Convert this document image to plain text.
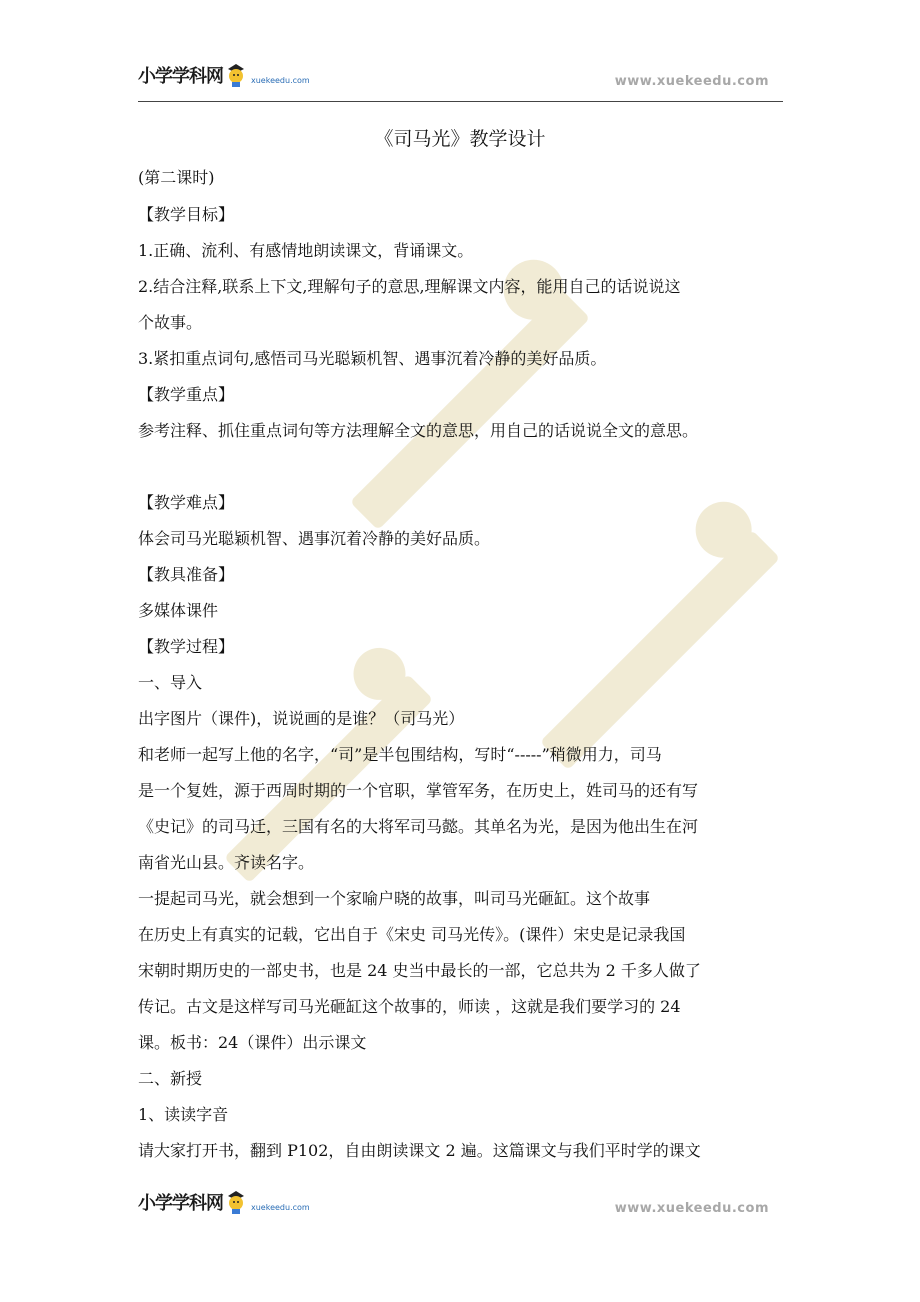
小学学科网	xuekeedu.com	www.xuekeedu.com
《司马光》教学设计
(第二课时)
【教学目标】
1.正确、流利、有感情地朗读课文，背诵课文。
2.结合注释,联系上下文,理解句子的意思,理解课文内容，能用自己的话说说这
个故事。
3.紧扣重点词句,感悟司马光聪颖机智、遇事沉着冷静的美好品质。
【教学重点】
参考注释、抓住重点词句等方法理解全文的意思，用自己的话说说全文的意思。
【教学难点】
体会司马光聪颖机智、遇事沉着冷静的美好品质。
【教具准备】
多媒体课件
【教学过程】
一、导入
出字图片（课件)，说说画的是谁？（司马光）
和老师一起写上他的名字，“司”是半包围结构，写时“-----”稍微用力，司马
是一个复姓，源于西周时期的一个官职，掌管军务，在历史上，姓司马的还有写
《史记》的司马迁，三国有名的大将军司马懿。其单名为光，是因为他出生在河
南省光山县。齐读名字。
一提起司马光，就会想到一个家喻户晓的故事，叫司马光砸缸。这个故事
在历史上有真实的记载，它出自于《宋史 司马光传》。(课件）宋史是记录我国
宋朝时期历史的一部史书，也是 24 史当中最长的一部，它总共为 2 千多人做了
传记。古文是这样写司马光砸缸这个故事的，师读 ，这就是我们要学习的 24
课。板书：24（课件）出示课文
二、新授
1、读读字音
请大家打开书，翻到 P102，自由朗读课文 2 遍。这篇课文与我们平时学的课文
小学学科网	xuekeedu.com	www.xuekeedu.com
